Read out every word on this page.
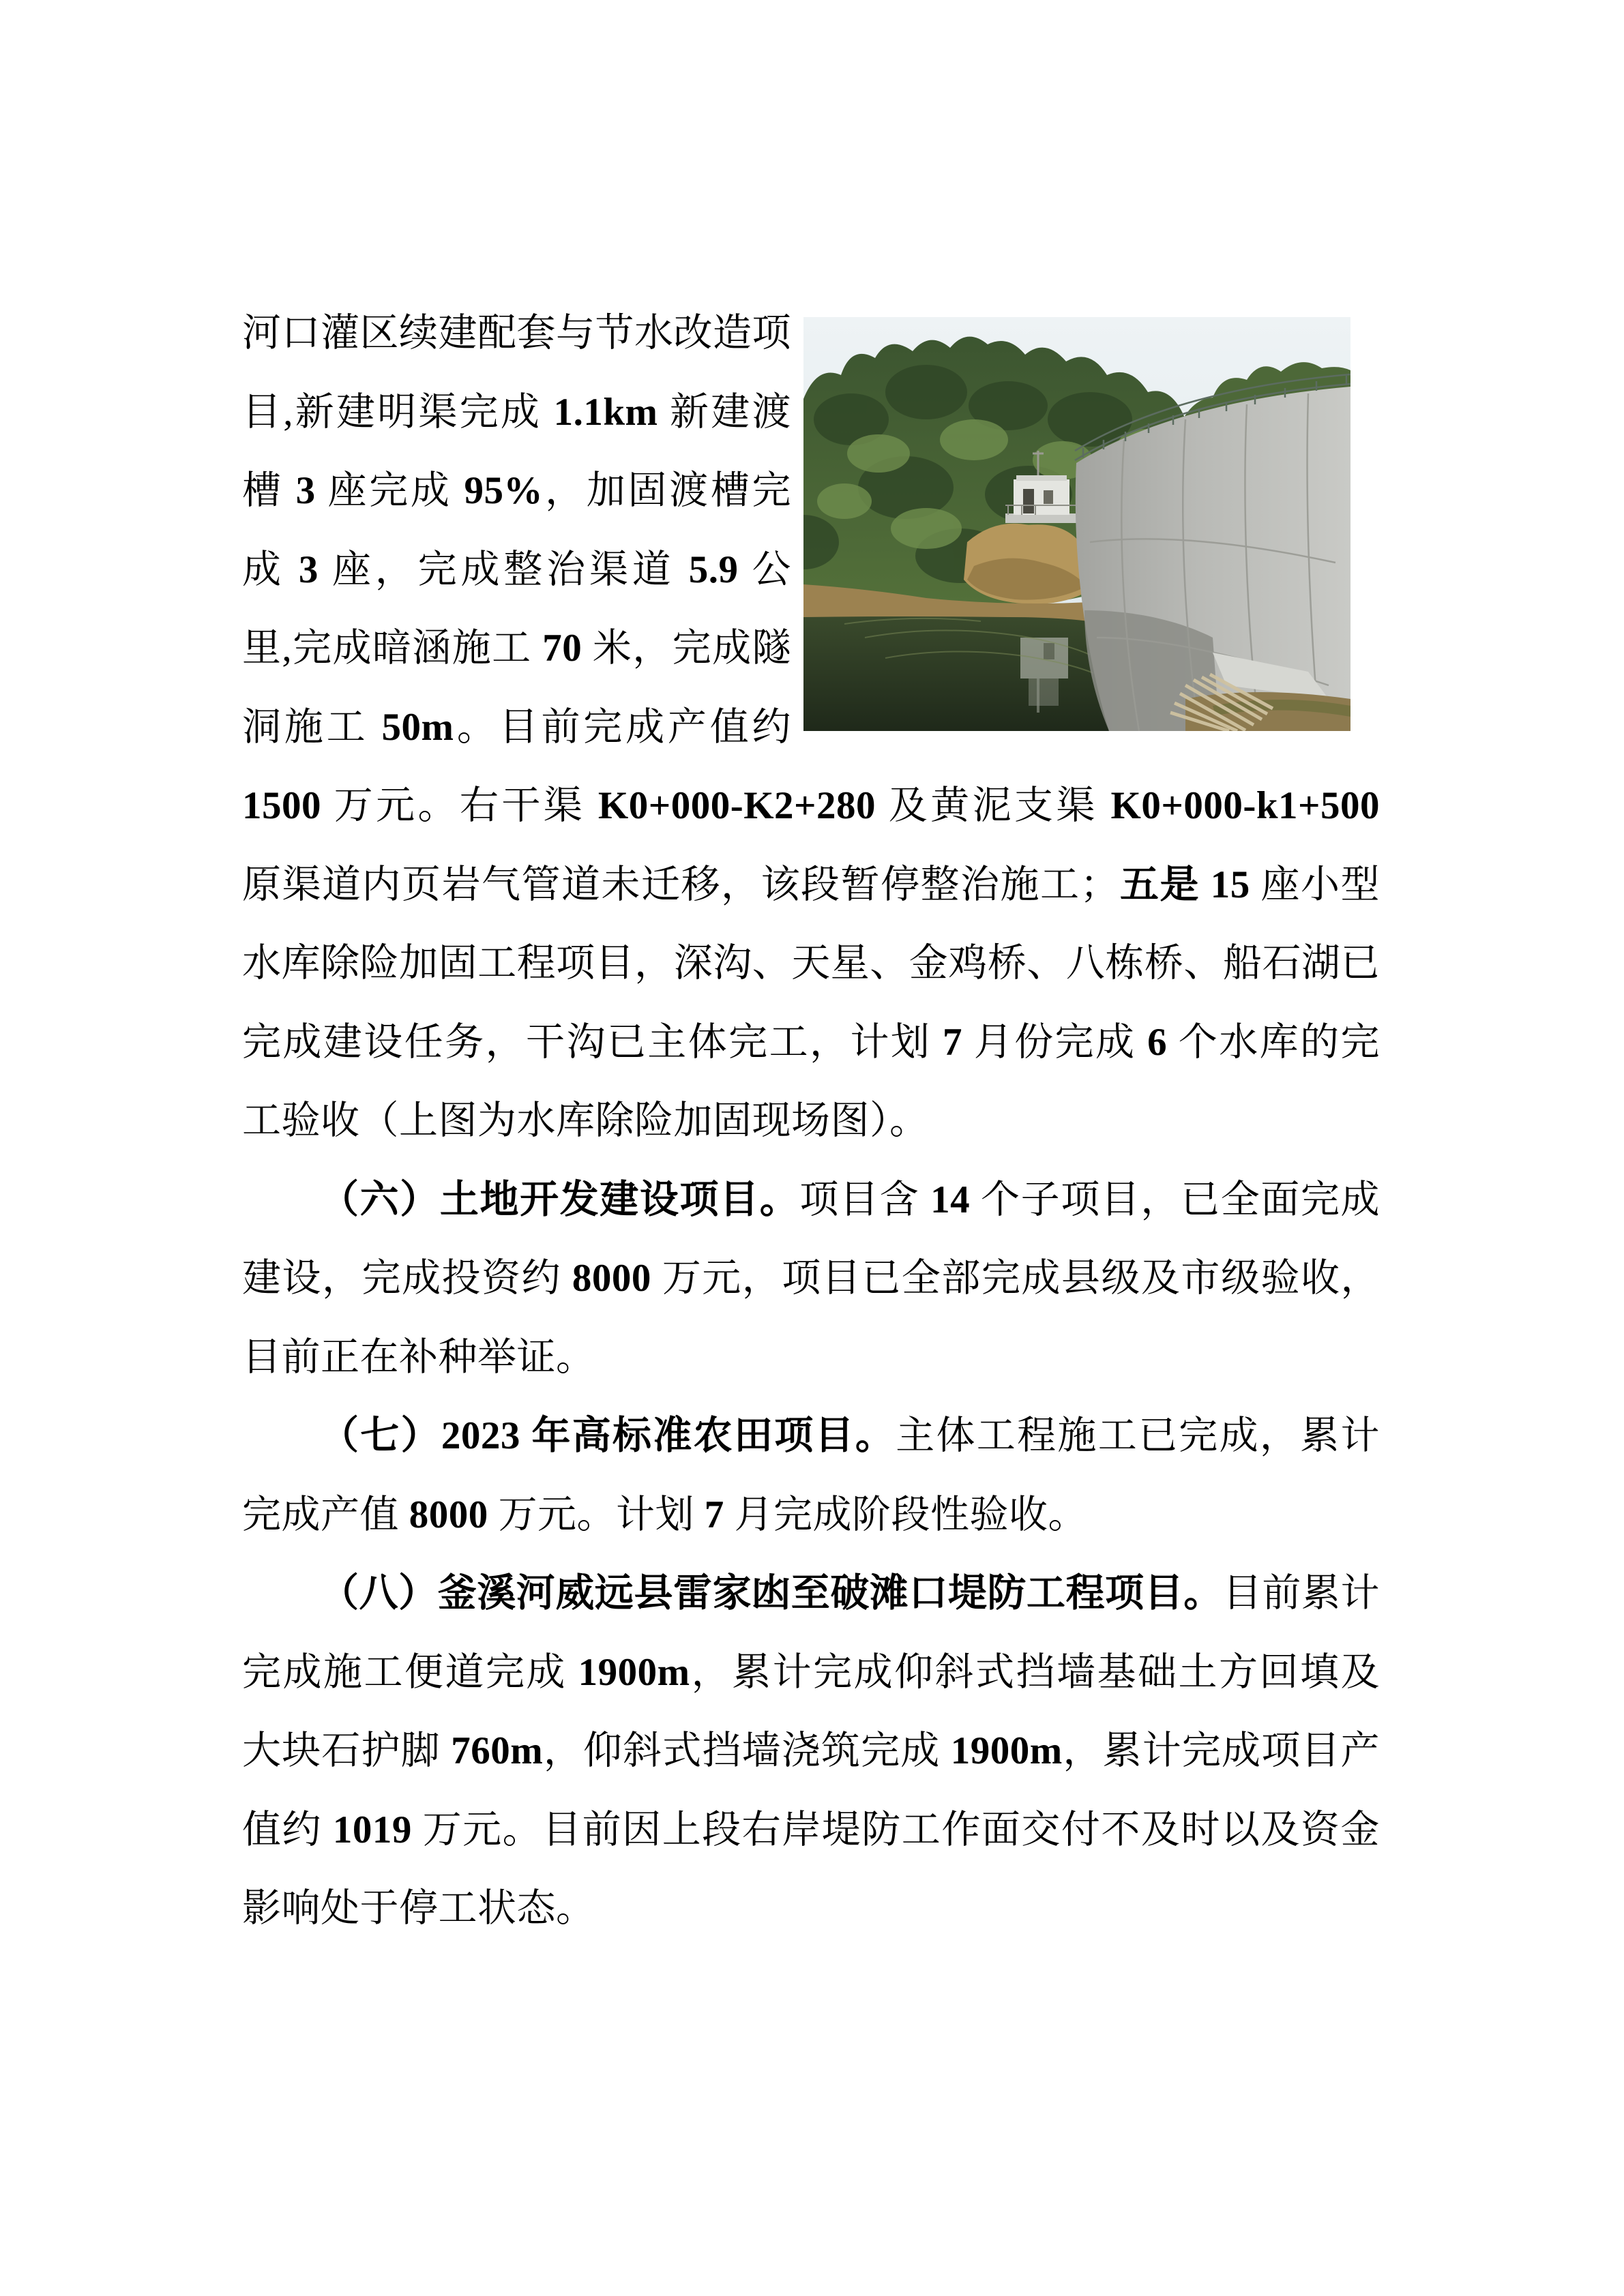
河口灌区续建配套与节水改造项目,新建明渠完成 1.1km 新建渡槽 3 座完成 95%，加固渡槽完成 3 座，完成整治渠道 5.9 公里,完成暗涵施工 70 米，完成隧洞施工 50m。目前完成产值约 1500 万元。右干渠 K0+000-K2+280 及黄泥支渠 K0+000-k1+500 原渠道内页岩气管道未迁移，该段暂停整治施工；五是 15 座小型水库除险加固工程项目，深沟、天星、金鸡桥、八栋桥、船石湖已完成建设任务，干沟已主体完工，计划 7 月份完成 6 个水库的完工验收（上图为水库除险加固现场图）。

（六）土地开发建设项目。项目含 14 个子项目，已全面完成建设，完成投资约 8000 万元，项目已全部完成县级及市级验收，目前正在补种举证。

（七）2023 年高标准农田项目。主体工程施工已完成，累计完成产值 8000 万元。计划 7 月完成阶段性验收。

（八）釜溪河威远县雷家凼至破滩口堤防工程项目。目前累计完成施工便道完成 1900m，累计完成仰斜式挡墙基础土方回填及大块石护脚 760m，仰斜式挡墙浇筑完成 1900m，累计完成项目产值约 1019 万元。目前因上段右岸堤防工作面交付不及时以及资金影响处于停工状态。
